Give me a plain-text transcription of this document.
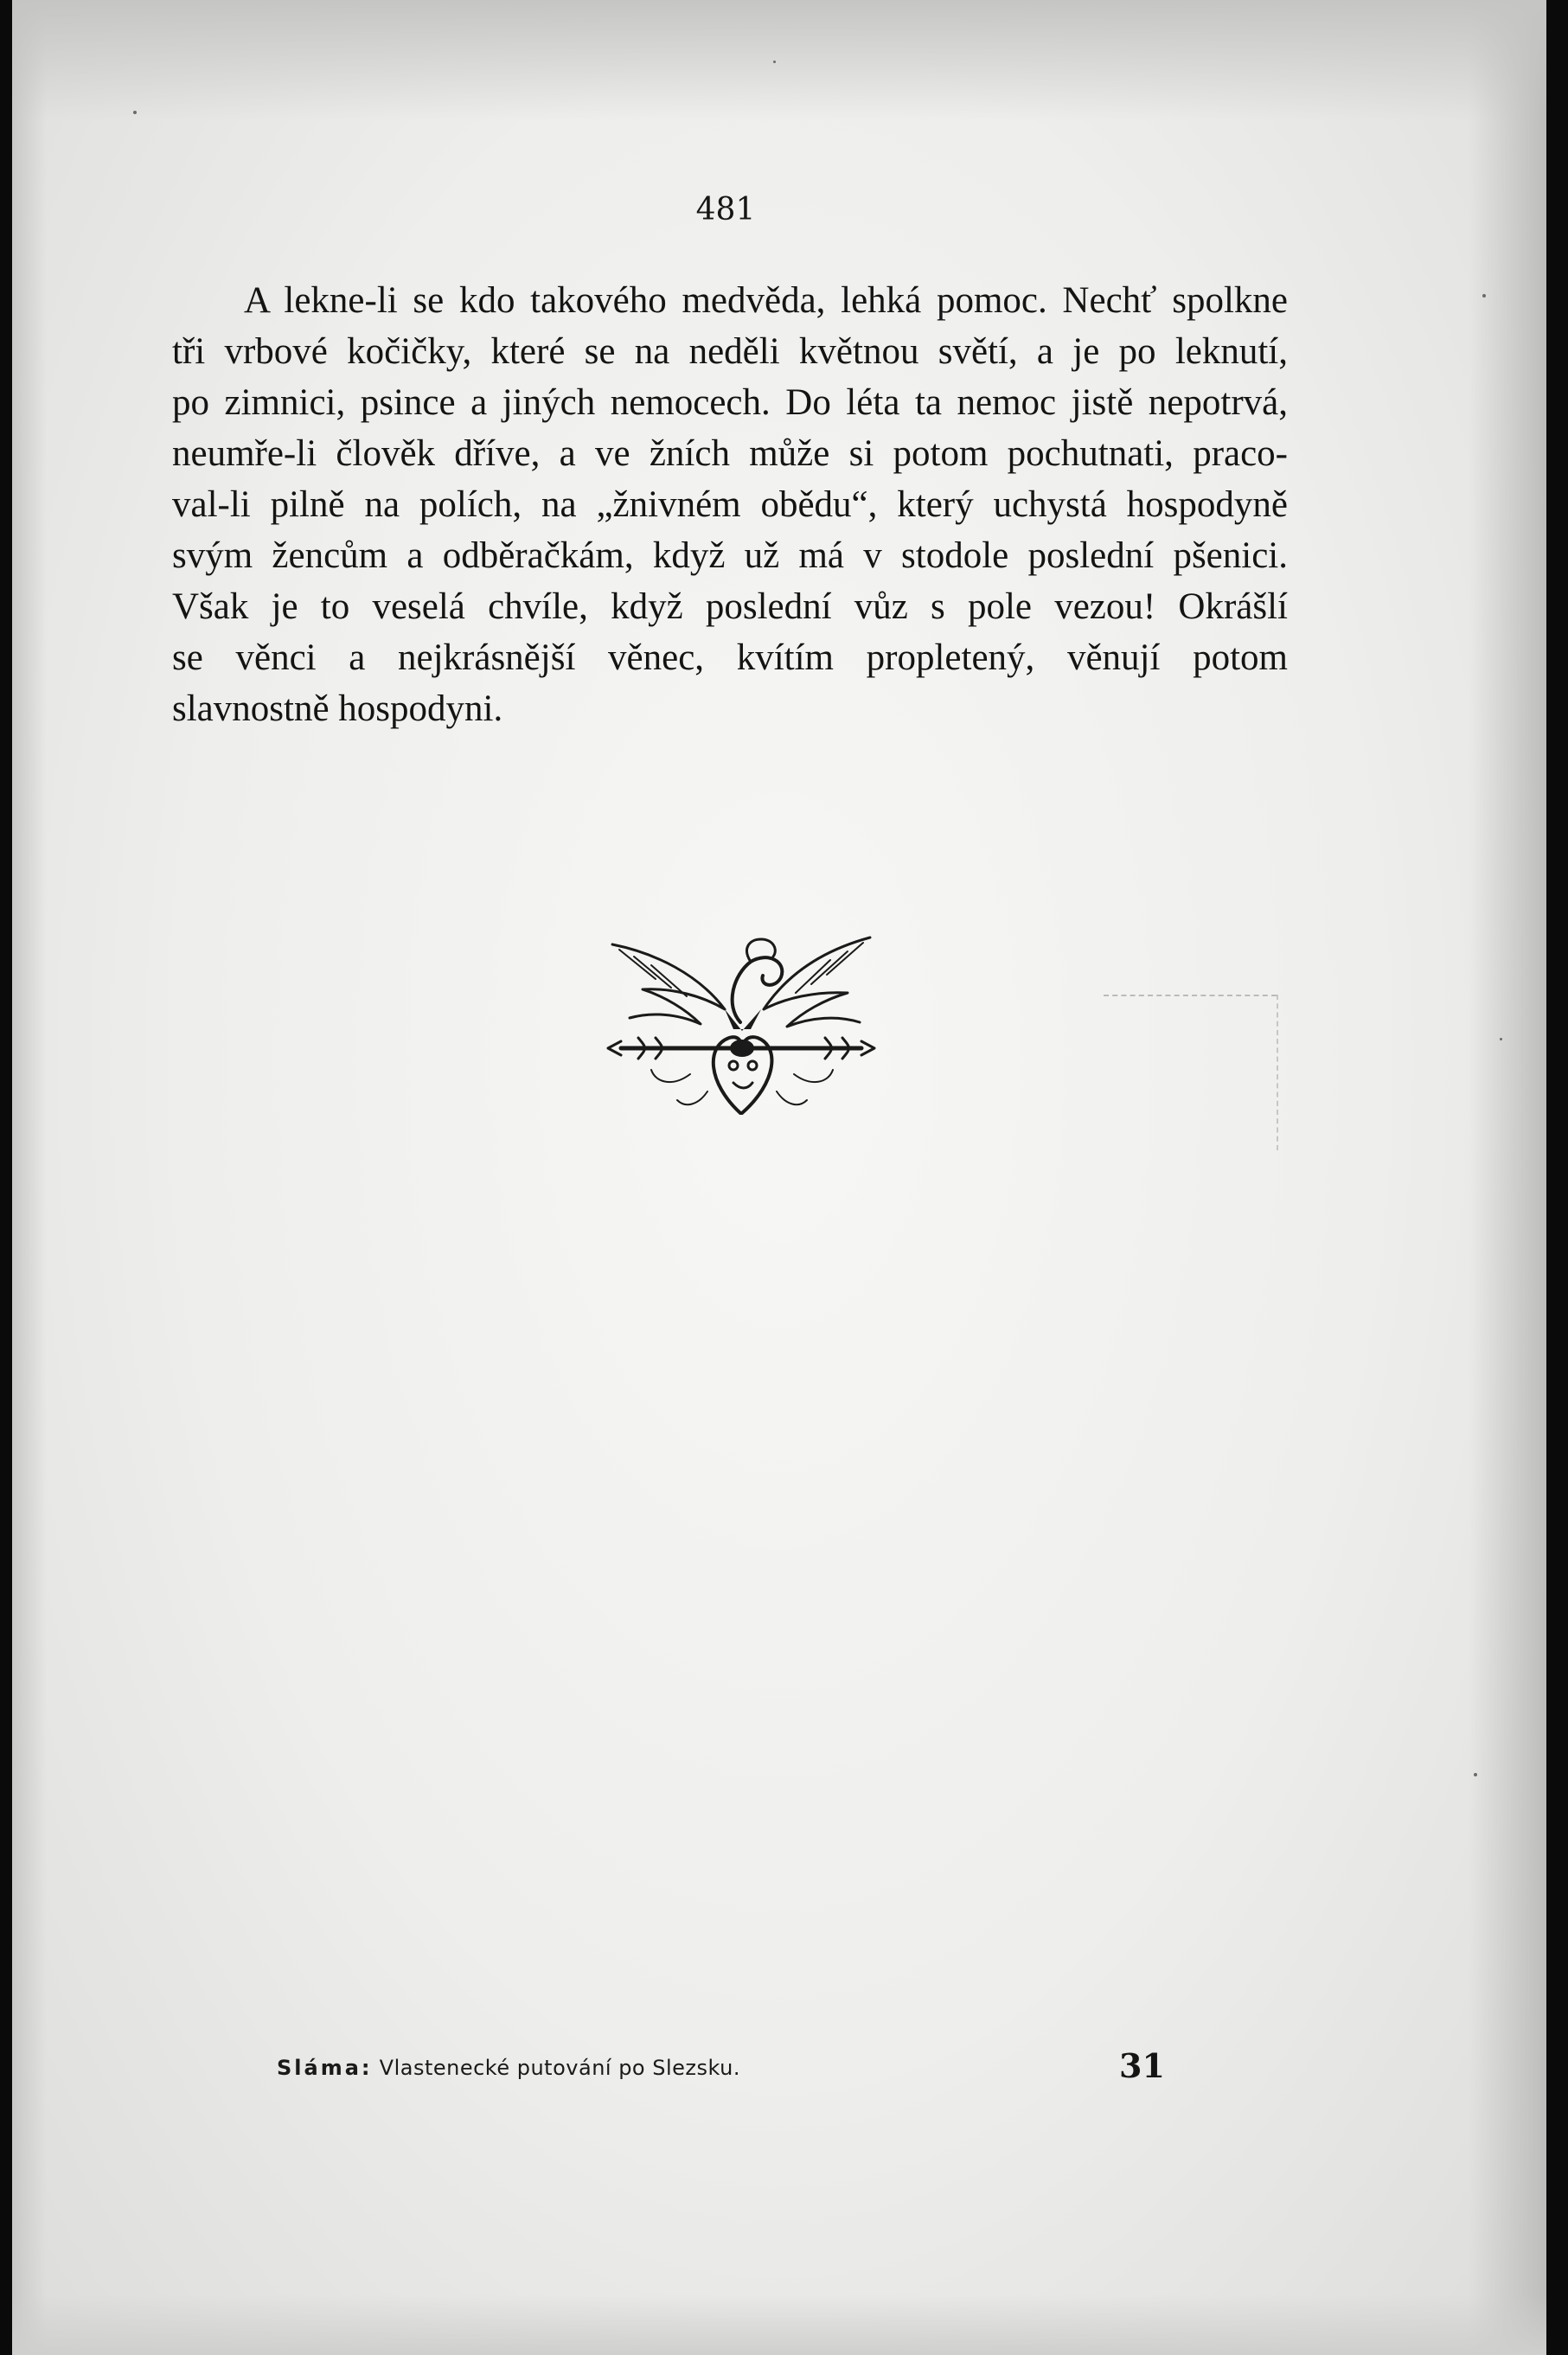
481
A lekne-li se kdo takového medvěda, lehká pomoc. Nechť spolkne
tři vrbové kočičky, které se na neděli květnou světí, a je po leknutí,
po zimnici, psince a jiných nemocech. Do léta ta nemoc jistě nepotrvá,
neumře-li člověk dříve, a ve žních může si potom pochutnati, praco-
val-li pilně na polích, na „žnivném obědu“, který uchystá hospodyně
svým žencům a odběračkám, když už má v stodole poslední pšenici.
Však je to veselá chvíle, když poslední vůz s pole vezou! Okrášlí
se věnci a nejkrásnější věnec, kvítím propletený, věnují potom
slavnostně hospodyni.
Sláma: Vlastenecké putování po Slezsku.	31
